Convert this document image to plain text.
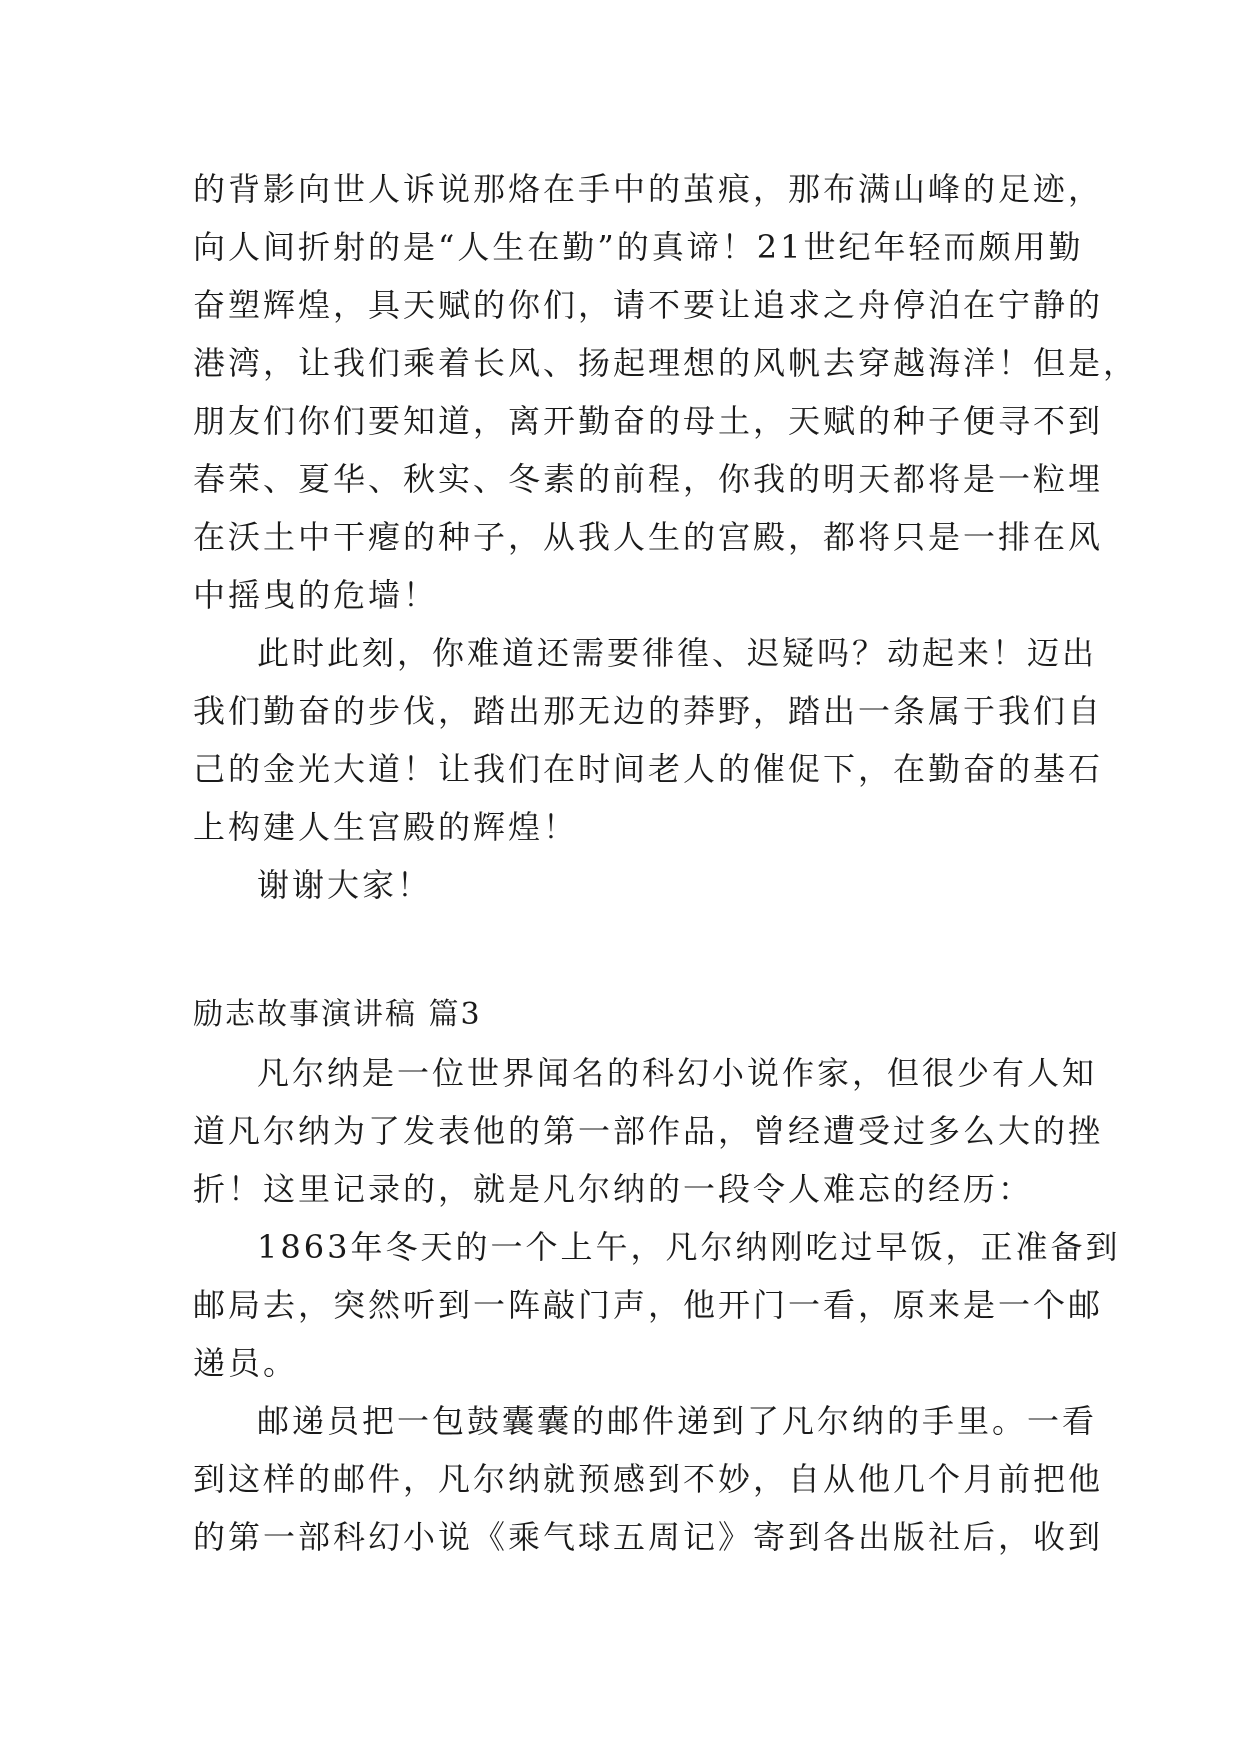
的背影向世人诉说那烙在手中的茧痕，那布满山峰的足迹，
向人间折射的是“人生在勤”的真谛！21世纪年轻而颇用勤
奋塑辉煌，具天赋的你们，请不要让追求之舟停泊在宁静的
港湾，让我们乘着长风、扬起理想的风帆去穿越海洋！但是，
朋友们你们要知道，离开勤奋的母土，天赋的种子便寻不到
春荣、夏华、秋实、冬素的前程，你我的明天都将是一粒埋
在沃土中干瘪的种子，从我人生的宫殿，都将只是一排在风
中摇曳的危墙！
此时此刻，你难道还需要徘徨、迟疑吗？动起来！迈出
我们勤奋的步伐，踏出那无边的莽野，踏出一条属于我们自
己的金光大道！让我们在时间老人的催促下，在勤奋的基石
上构建人生宫殿的辉煌！
谢谢大家！
励志故事演讲稿 篇3
凡尔纳是一位世界闻名的科幻小说作家，但很少有人知
道凡尔纳为了发表他的第一部作品，曾经遭受过多么大的挫
折！这里记录的，就是凡尔纳的一段令人难忘的经历：
1863年冬天的一个上午，凡尔纳刚吃过早饭，正准备到
邮局去，突然听到一阵敲门声，他开门一看，原来是一个邮
递员。
邮递员把一包鼓囊囊的邮件递到了凡尔纳的手里。一看
到这样的邮件，凡尔纳就预感到不妙，自从他几个月前把他
的第一部科幻小说《乘气球五周记》寄到各出版社后，收到
